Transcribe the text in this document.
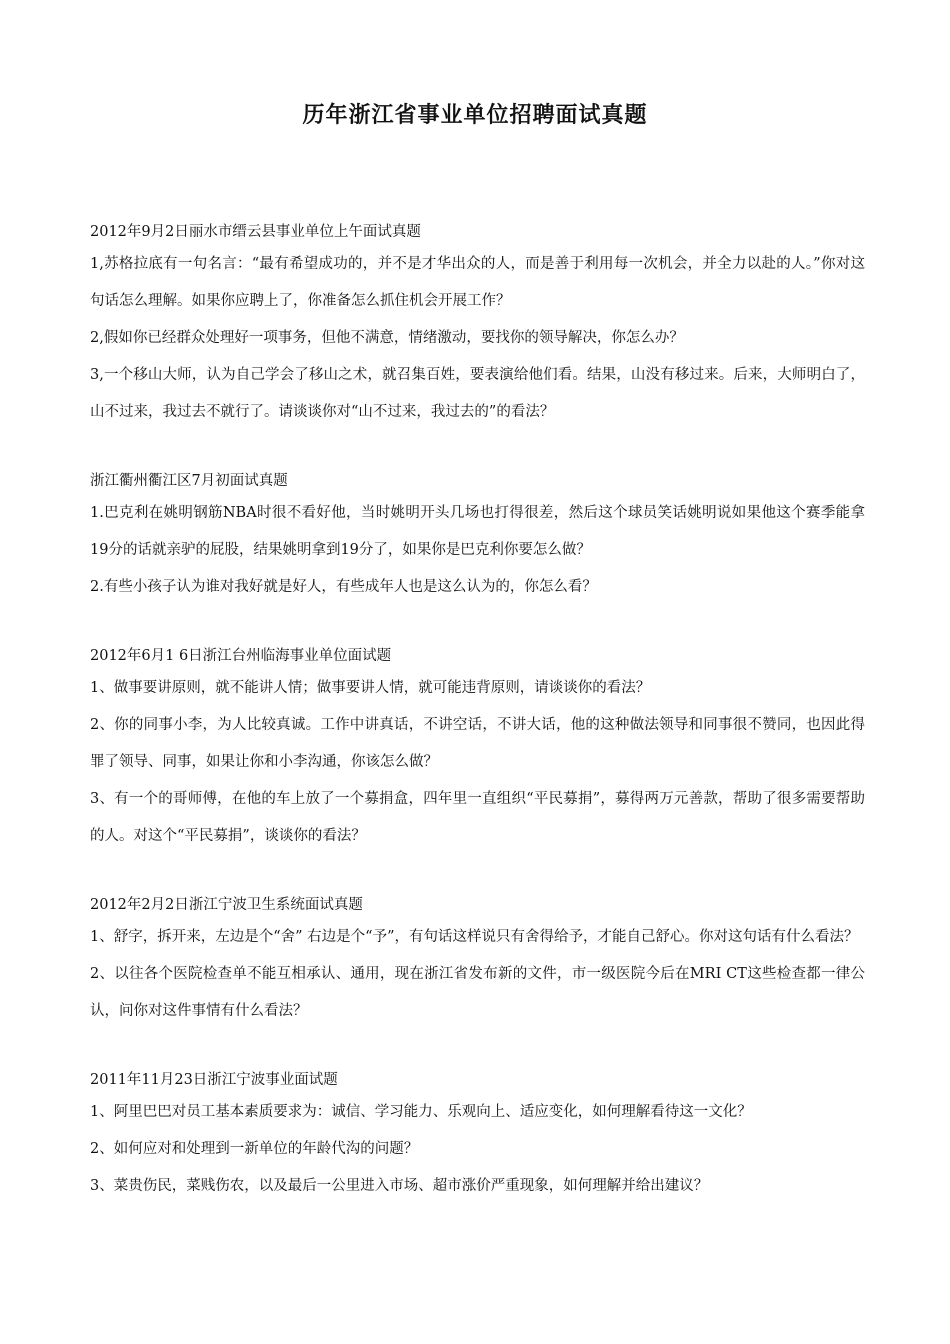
历年浙江省事业单位招聘面试真题

2012年9月2日丽水市缙云县事业单位上午面试真题

1,苏格拉底有一句名言：“最有希望成功的，并不是才华出众的人，而是善于利用每一次机会，并全力以赴的人。”你对这句话怎么理解。如果你应聘上了，你准备怎么抓住机会开展工作？

2,假如你已经群众处理好一项事务，但他不满意，情绪激动，要找你的领导解决，你怎么办？

3,一个移山大师，认为自己学会了移山之术，就召集百姓，要表演给他们看。结果，山没有移过来。后来，大师明白了，山不过来，我过去不就行了。请谈谈你对“山不过来，我过去的”的看法？

浙江衢州衢江区7月初面试真题

1.巴克利在姚明钢筋NBA时很不看好他，当时姚明开头几场也打得很差，然后这个球员笑话姚明说如果他这个赛季能拿19分的话就亲驴的屁股，结果姚明拿到19分了，如果你是巴克利你要怎么做？

2.有些小孩子认为谁对我好就是好人，有些成年人也是这么认为的，你怎么看？

2012年6月1 6日浙江台州临海事业单位面试题

1、做事要讲原则，就不能讲人情；做事要讲人情，就可能违背原则，请谈谈你的看法？

2、你的同事小李，为人比较真诚。工作中讲真话，不讲空话，不讲大话，他的这种做法领导和同事很不赞同，也因此得罪了领导、同事，如果让你和小李沟通，你该怎么做？

3、有一个的哥师傅，在他的车上放了一个募捐盒，四年里一直组织“平民募捐”，募得两万元善款，帮助了很多需要帮助的人。对这个“平民募捐”，谈谈你的看法？

2012年2月2日浙江宁波卫生系统面试真题

1、舒字，拆开来，左边是个“舍” 右边是个“予”，有句话这样说只有舍得给予，才能自己舒心。你对这句话有什么看法？

2、以往各个医院检查单不能互相承认、通用，现在浙江省发布新的文件，市一级医院今后在MRI CT这些检查都一律公认，问你对这件事情有什么看法？

2011年11月23日浙江宁波事业面试题

1、阿里巴巴对员工基本素质要求为：诚信、学习能力、乐观向上、适应变化，如何理解看待这一文化？

2、如何应对和处理到一新单位的年龄代沟的问题？

3、菜贵伤民，菜贱伤农，以及最后一公里进入市场、超市涨价严重现象，如何理解并给出建议？
